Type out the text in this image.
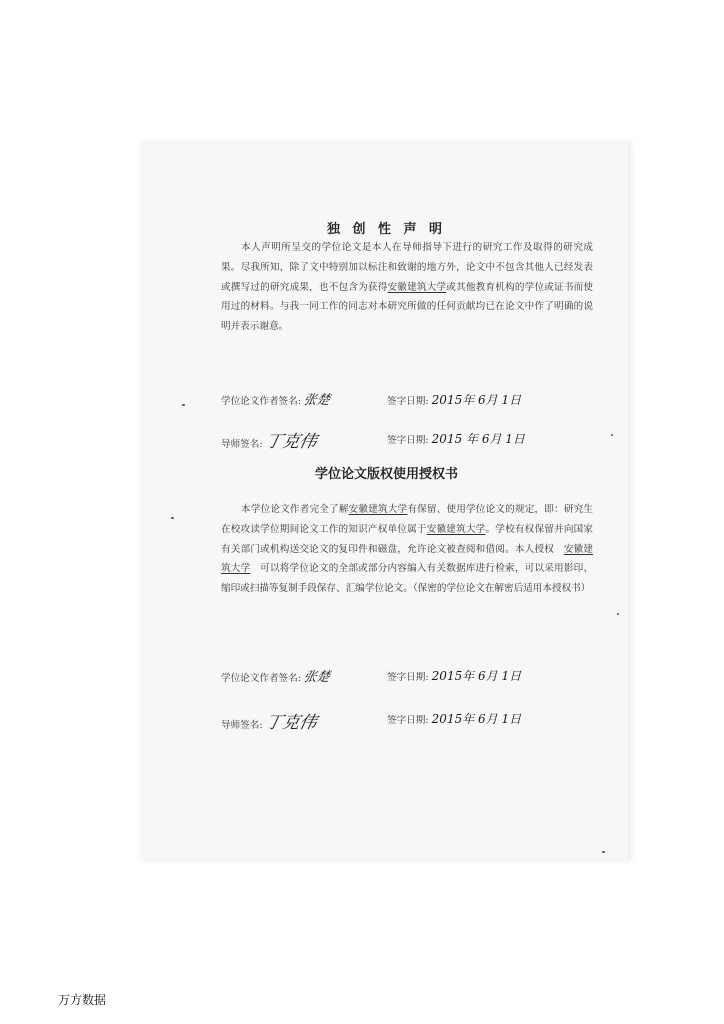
独 创 性 声 明

本人声明所呈交的学位论文是本人在导师指导下进行的研究工作及取得的研究成果。尽我所知，除了文中特别加以标注和致谢的地方外，论文中不包含其他人已经发表或撰写过的研究成果，也不包含为获得安徽建筑大学或其他教育机构的学位或证书而使用过的材料。与我一同工作的同志对本研究所做的任何贡献均已在论文中作了明确的说明并表示谢意。

学位论文作者签名: 张楚	签字日期: 2015年 6月 1日
导师签名: 丁克伟	签字日期: 2015 年 6月 1日
学位论文版权使用授权书

本学位论文作者完全了解安徽建筑大学有保留、使用学位论文的规定，即：研究生在校攻读学位期间论文工作的知识产权单位属于安徽建筑大学。学校有权保留并向国家有关部门或机构送交论文的复印件和磁盘，允许论文被查阅和借阅。本人授权 安徽建筑大学 可以将学位论文的全部或部分内容编入有关数据库进行检索，可以采用影印、缩印或扫描等复制手段保存、汇编学位论文。（保密的学位论文在解密后适用本授权书）

学位论文作者签名: 张楚	签字日期: 2015年 6月 1日
导师签名: 丁克伟	签字日期: 2015年 6月 1日
万方数据
